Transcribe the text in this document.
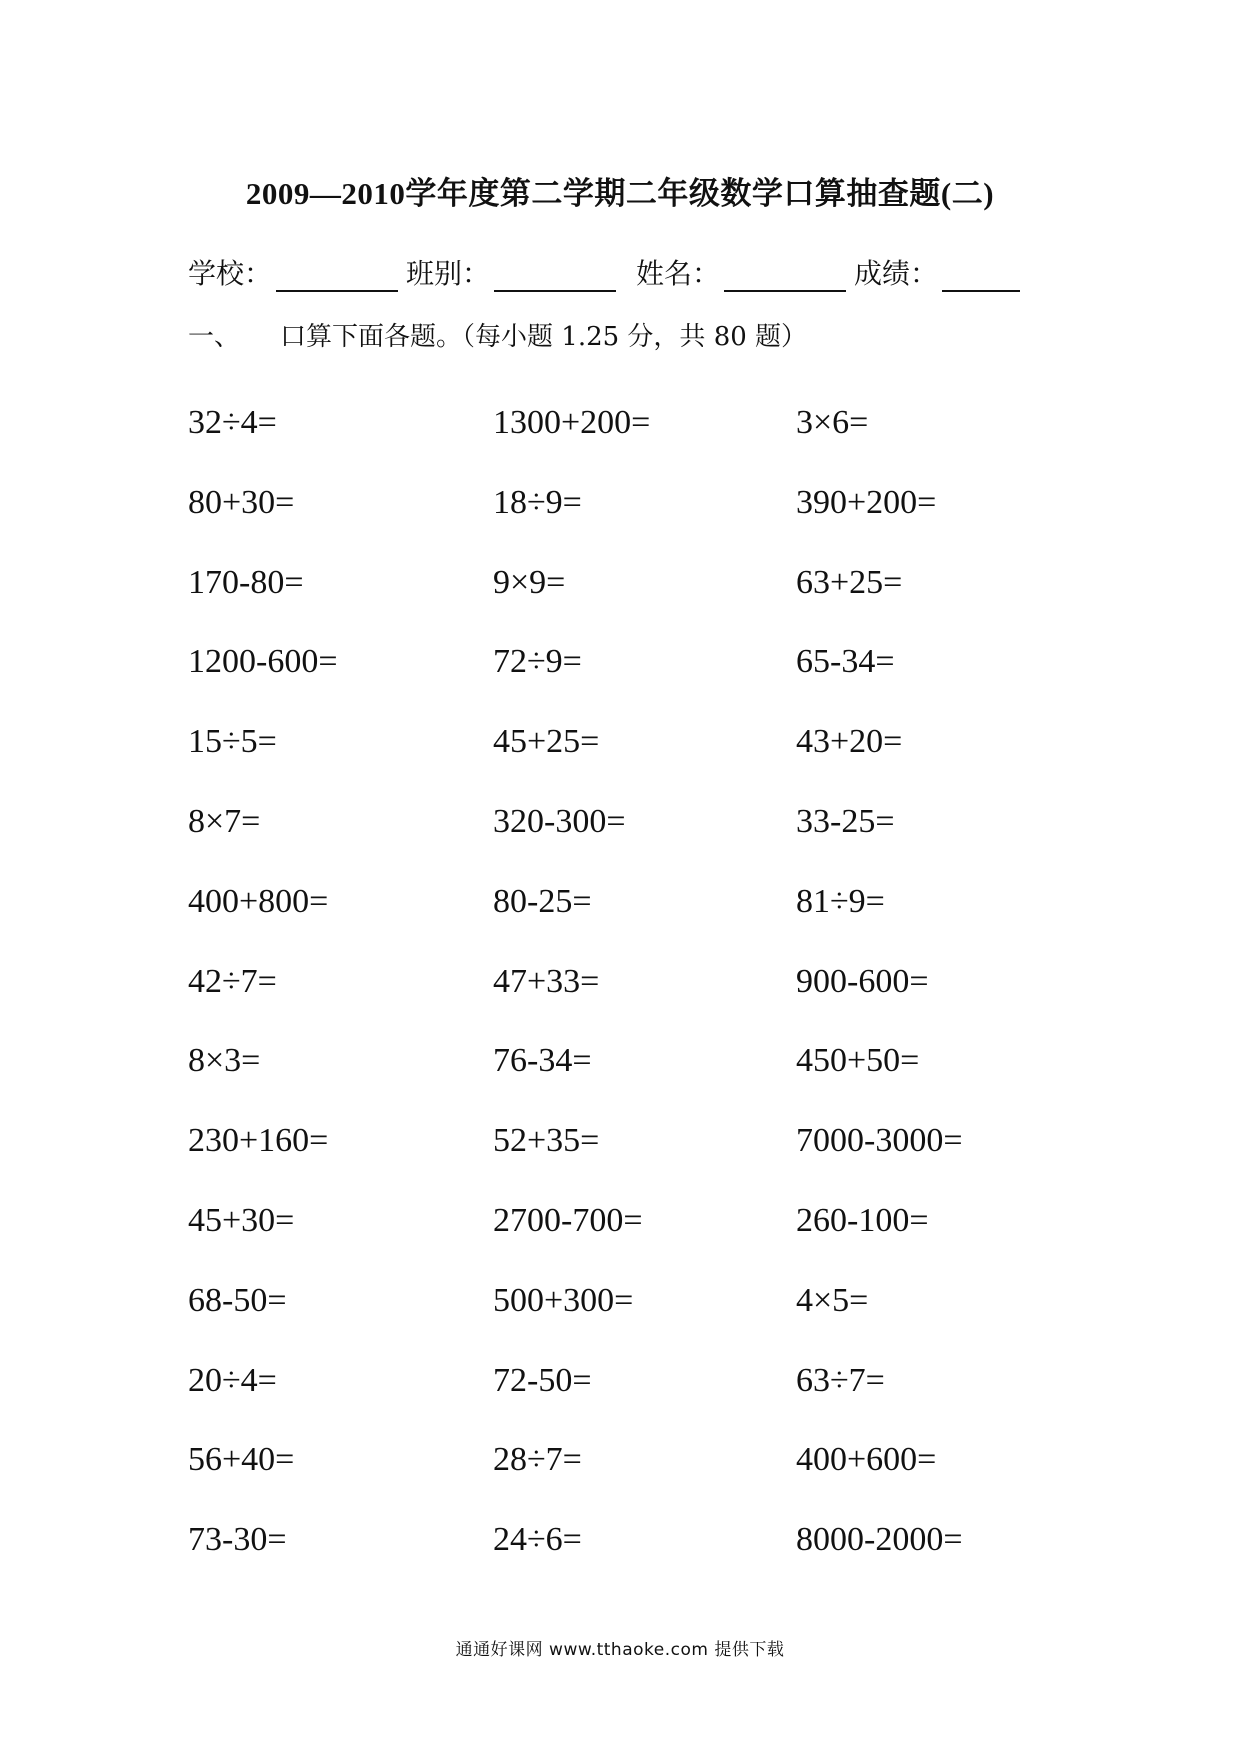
2009—2010学年度第二学期二年级数学口算抽查题(二)
学校：	班别：	姓名：	成绩：
一、 口算下面各题。（每小题 1.25 分，共 80 题）
32÷4=	1300+200=	3×6=
80+30=	18÷9=	390+200=
170-80=	9×9=	63+25=
1200-600=	72÷9=	65-34=
15÷5=	45+25=	43+20=
8×7=	320-300=	33-25=
400+800=	80-25=	81÷9=
42÷7=	47+33=	900-600=
8×3=	76-34=	450+50=
230+160=	52+35=	7000-3000=
45+30=	2700-700=	260-100=
68-50=	500+300=	4×5=
20÷4=	72-50=	63÷7=
56+40=	28÷7=	400+600=
73-30=	24÷6=	8000-2000=
通通好课网 www.tthaoke.com 提供下载
